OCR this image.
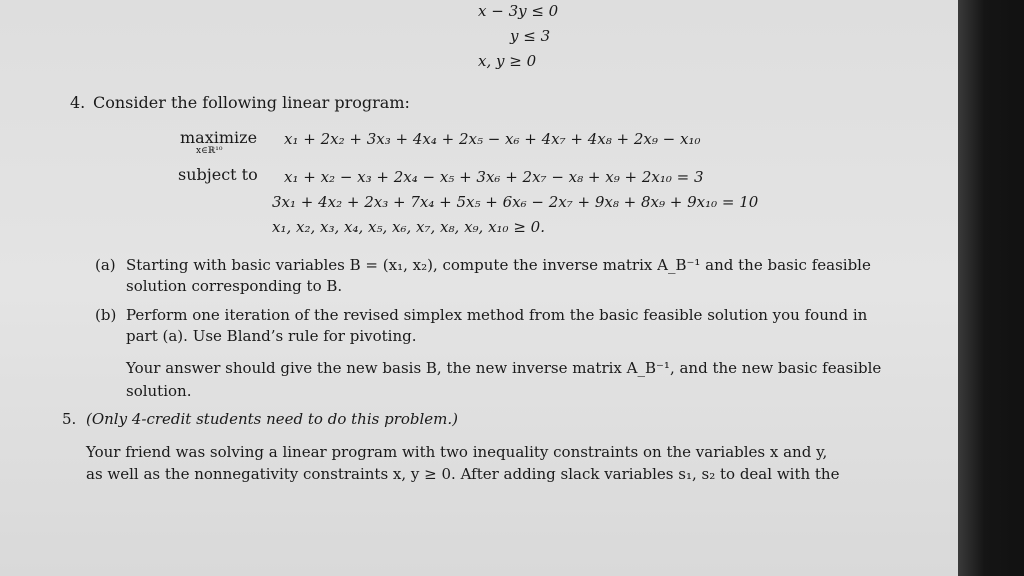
x − 3y ≤ 0
y ≤ 3
x, y ≥ 0
4. Consider the following linear program:
maximize
x∈ℝ¹⁰
x₁ + 2x₂ + 3x₃ + 4x₄ + 2x₅ − x₆ + 4x₇ + 4x₈ + 2x₉ − x₁₀
subject to x₁ + x₂ − x₃ + 2x₄ − x₅ + 3x₆ + 2x₇ − x₈ + x₉ + 2x₁₀ = 3
3x₁ + 4x₂ + 2x₃ + 7x₄ + 5x₅ + 6x₆ − 2x₇ + 9x₈ + 8x₉ + 9x₁₀ = 10
x₁, x₂, x₃, x₄, x₅, x₆, x₇, x₈, x₉, x₁₀ ≥ 0.
(a) Starting with basic variables B = (x₁, x₂), compute the inverse matrix A_B⁻¹ and the basic feasible
solution corresponding to B.
(b) Perform one iteration of the revised simplex method from the basic feasible solution you found in
part (a). Use Bland’s rule for pivoting.
Your answer should give the new basis B, the new inverse matrix A_B⁻¹, and the new basic feasible
solution.
5. (Only 4-credit students need to do this problem.)
Your friend was solving a linear program with two inequality constraints on the variables x and y,
as well as the nonnegativity constraints x, y ≥ 0. After adding slack variables s₁, s₂ to deal with the
